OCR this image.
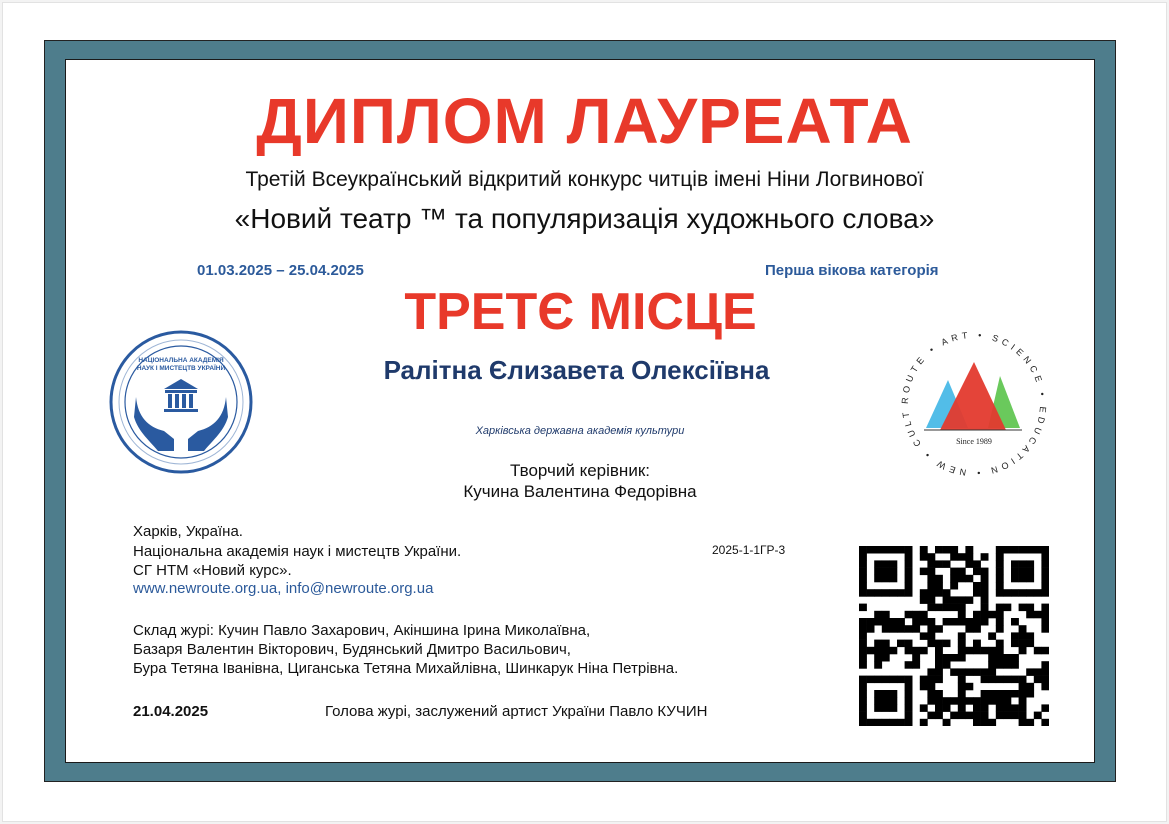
ДИПЛОМ ЛАУРЕАТА
Третій Всеукраїнський відкритий конкурс читців імені Ніни Логвинової
«Новий театр ™ та популяризація художнього слова»
01.03.2025 – 25.04.2025	Перша вікова категорія
ТРЕТЄ МІСЦЕ
Ралітна Єлизавета Олексіївна
Харківська державна академія культури
Творчий керівник:
Кучина Валентина Федорівна
НАЦІОНАЛЬНА АКАДЕМІЯ
НАУК І МИСТЕЦТВ УКРАЇНИ
ROUTE • ART • SCIENCE • EDUCATION • NEW • CULT
Since 1989
Харків, Україна.
Національна академія наук і мистецтв України.
СГ НТМ «Новий курс».
www.newroute.org.ua, info@newroute.org.ua
2025-1-1ГР-3
Склад журі: Кучин Павло Захарович, Акіншина Ірина Миколаївна,
Базаря Валентин Вікторович, Будянський Дмитро Васильович,
Бура Тетяна Іванівна, Циганська Тетяна Михайлівна, Шинкарук Ніна Петрівна.
21.04.2025	Голова журі, заслужений артист України Павло КУЧИН
